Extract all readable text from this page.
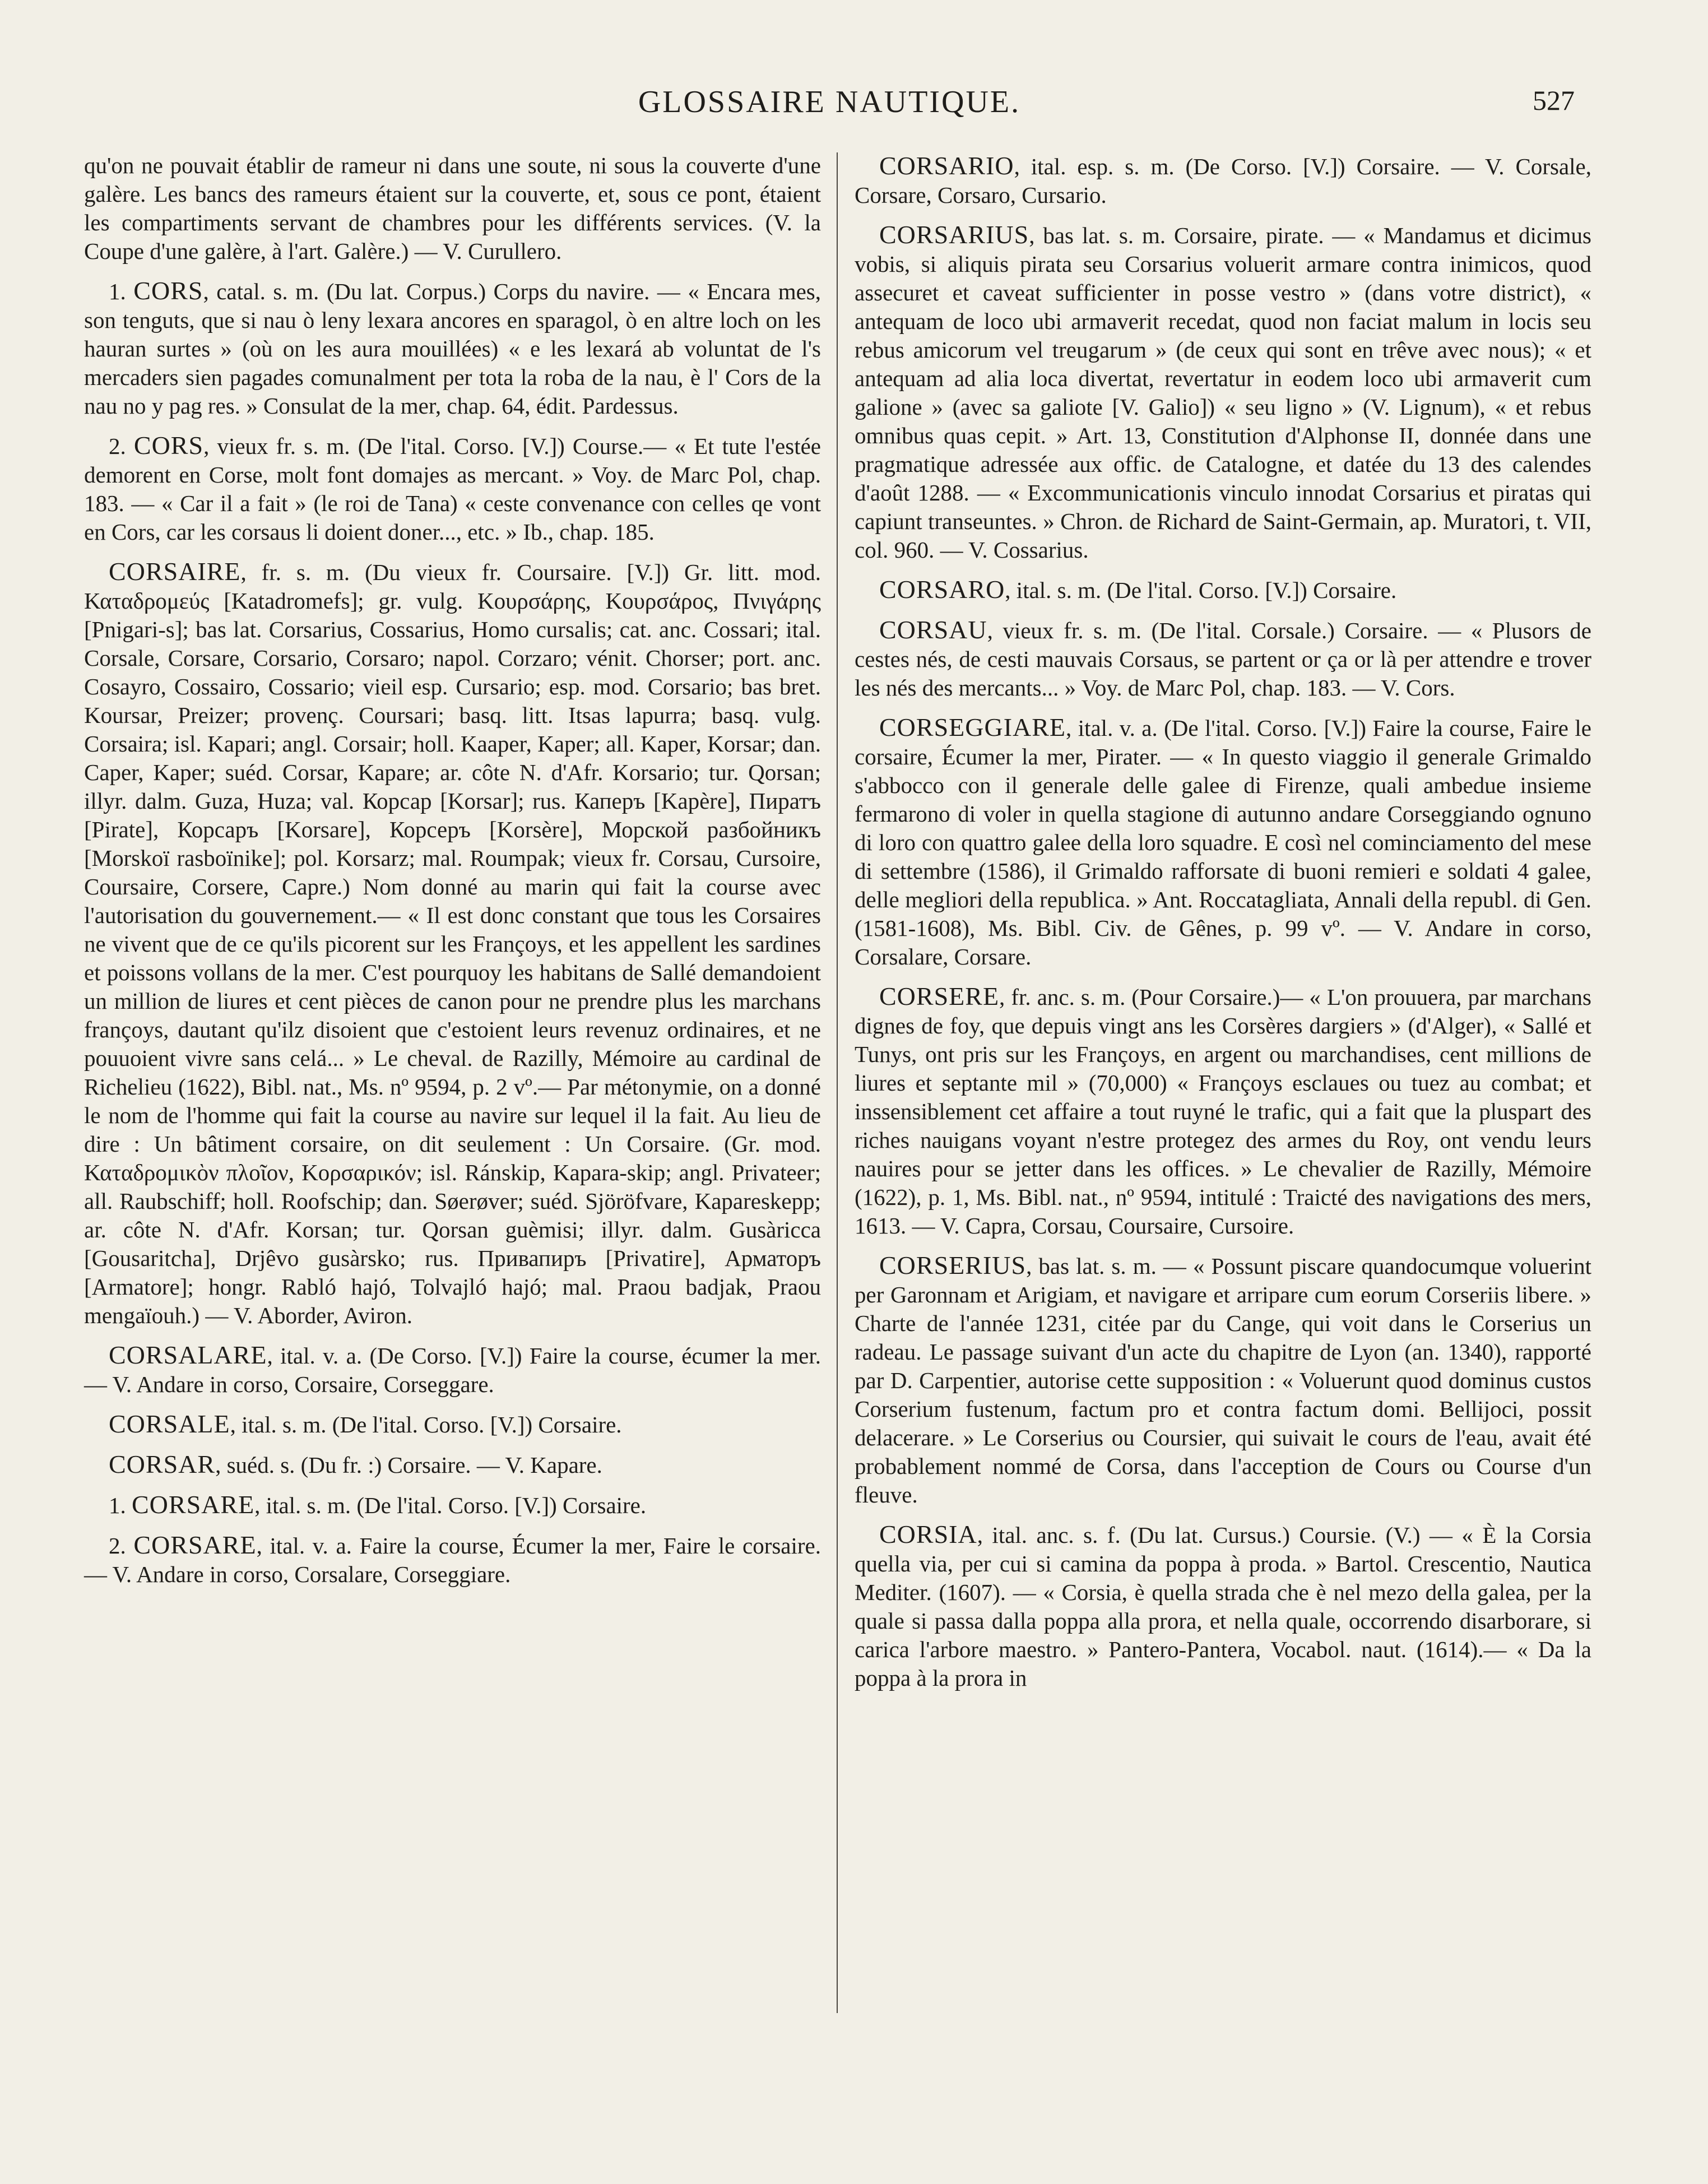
GLOSSAIRE NAUTIQUE.	527

qu'on ne pouvait établir de rameur ni dans une soute, ni sous la couverte d'une galère. Les bancs des rameurs étaient sur la couverte, et, sous ce pont, étaient les compartiments servant de chambres pour les différents services. (V. la Coupe d'une galère, à l'art. Galère.) — V. Curullero.

1. CORS, catal. s. m. (Du lat. Corpus.) Corps du navire. — « Encara mes, son tenguts, que si nau ò leny lexara ancores en sparagol, ò en altre loch on les hauran surtes » (où on les aura mouillées) « e les lexará ab voluntat de l's mercaders sien pagades comunalment per tota la roba de la nau, è l' Cors de la nau no y pag res. » Consulat de la mer, chap. 64, édit. Pardessus.

2. CORS, vieux fr. s. m. (De l'ital. Corso. [V.]) Course.— « Et tute l'estée demorent en Corse, molt font domajes as mercant. » Voy. de Marc Pol, chap. 183. — « Car il a fait » (le roi de Tana) « ceste convenance con celles qe vont en Cors, car les corsaus li doient doner..., etc. » Ib., chap. 185.

CORSAIRE, fr. s. m. (Du vieux fr. Coursaire. [V.]) Gr. litt. mod. Καταδρομεύς [Katadromefs]; gr. vulg. Κουρσάρης, Κουρσάρος, Πνιγάρης [Pnigari-s]; bas lat. Corsarius, Cossarius, Homo cursalis; cat. anc. Cossari; ital. Corsale, Corsare, Corsario, Corsaro; napol. Corzaro; vénit. Chorser; port. anc. Cosayro, Cossairo, Cossario; vieil esp. Cursario; esp. mod. Corsario; bas bret. Koursar, Preizer; provenç. Coursari; basq. litt. Itsas lapurra; basq. vulg. Corsaira; isl. Kapari; angl. Corsair; holl. Kaaper, Kaper; all. Kaper, Korsar; dan. Caper, Kaper; suéd. Corsar, Kapare; ar. côte N. d'Afr. Korsario; tur. Qorsan; illyr. dalm. Guza, Huza; val. Корсар [Korsar]; rus. Каперъ [Kapère], Пиратъ [Pirate], Корсаръ [Korsare], Корсеръ [Korsère], Морской разбойникъ [Morskoï rasboïnike]; pol. Korsarz; mal. Roumpak; vieux fr. Corsau, Cursoire, Coursaire, Corsere, Capre.) Nom donné au marin qui fait la course avec l'autorisation du gouvernement.— « Il est donc constant que tous les Corsaires ne vivent que de ce qu'ils picorent sur les Françoys, et les appellent les sardines et poissons vollans de la mer. C'est pourquoy les habitans de Sallé demandoient un million de liures et cent pièces de canon pour ne prendre plus les marchans françoys, dautant qu'ilz disoient que c'estoient leurs revenuz ordinaires, et ne pouuoient vivre sans celá... » Le cheval. de Razilly, Mémoire au cardinal de Richelieu (1622), Bibl. nat., Ms. nº 9594, p. 2 vº.— Par métonymie, on a donné le nom de l'homme qui fait la course au navire sur lequel il la fait. Au lieu de dire : Un bâtiment corsaire, on dit seulement : Un Corsaire. (Gr. mod. Καταδρομικὸν πλοῖον, Κορσαρικόν; isl. Ránskip, Kapara-skip; angl. Privateer; all. Raubschiff; holl. Roofschip; dan. Søerøver; suéd. Sjöröfvare, Kapareskepp; ar. côte N. d'Afr. Korsan; tur. Qorsan guèmisi; illyr. dalm. Gusàricca [Gousaritcha], Drjêvo gusàrsko; rus. Привапиръ [Privatire], Арматоръ [Armatore]; hongr. Rabló hajó, Tolvajló hajó; mal. Praou badjak, Praou mengaïouh.) — V. Aborder, Aviron.

CORSALARE, ital. v. a. (De Corso. [V.]) Faire la course, écumer la mer. — V. Andare in corso, Corsaire, Corseggare.

CORSALE, ital. s. m. (De l'ital. Corso. [V.]) Corsaire.

CORSAR, suéd. s. (Du fr. :) Corsaire. — V. Kapare.

1. CORSARE, ital. s. m. (De l'ital. Corso. [V.]) Corsaire.

2. CORSARE, ital. v. a. Faire la course, Écumer la mer, Faire le corsaire. — V. Andare in corso, Corsalare, Corseggiare.

CORSARIO, ital. esp. s. m. (De Corso. [V.]) Corsaire. — V. Corsale, Corsare, Corsaro, Cursario.

CORSARIUS, bas lat. s. m. Corsaire, pirate. — « Mandamus et dicimus vobis, si aliquis pirata seu Corsarius voluerit armare contra inimicos, quod assecuret et caveat sufficienter in posse vestro » (dans votre district), « antequam de loco ubi armaverit recedat, quod non faciat malum in locis seu rebus amicorum vel treugarum » (de ceux qui sont en trêve avec nous); « et antequam ad alia loca divertat, revertatur in eodem loco ubi armaverit cum galione » (avec sa galiote [V. Galio]) « seu ligno » (V. Lignum), « et rebus omnibus quas cepit. » Art. 13, Constitution d'Alphonse II, donnée dans une pragmatique adressée aux offic. de Catalogne, et datée du 13 des calendes d'août 1288. — « Excommunicationis vinculo innodat Corsarius et piratas qui capiunt transeuntes. » Chron. de Richard de Saint-Germain, ap. Muratori, t. VII, col. 960. — V. Cossarius.

CORSARO, ital. s. m. (De l'ital. Corso. [V.]) Corsaire.

CORSAU, vieux fr. s. m. (De l'ital. Corsale.) Corsaire. — « Plusors de cestes nés, de cesti mauvais Corsaus, se partent or ça or là per attendre e trover les nés des mercants... » Voy. de Marc Pol, chap. 183. — V. Cors.

CORSEGGIARE, ital. v. a. (De l'ital. Corso. [V.]) Faire la course, Faire le corsaire, Écumer la mer, Pirater. — « In questo viaggio il generale Grimaldo s'abbocco con il generale delle galee di Firenze, quali ambedue insieme fermarono di voler in quella stagione di autunno andare Corseggiando ognuno di loro con quattro galee della loro squadre. E così nel cominciamento del mese di settembre (1586), il Grimaldo rafforsate di buoni remieri e soldati 4 galee, delle megliori della republica. » Ant. Roccatagliata, Annali della republ. di Gen. (1581-1608), Ms. Bibl. Civ. de Gênes, p. 99 vº. — V. Andare in corso, Corsalare, Corsare.

CORSERE, fr. anc. s. m. (Pour Corsaire.)— « L'on prouuera, par marchans dignes de foy, que depuis vingt ans les Corsères dargiers » (d'Alger), « Sallé et Tunys, ont pris sur les Françoys, en argent ou marchandises, cent millions de liures et septante mil » (70,000) « Françoys esclaues ou tuez au combat; et inssensiblement cet affaire a tout ruyné le trafic, qui a fait que la pluspart des riches nauigans voyant n'estre protegez des armes du Roy, ont vendu leurs nauires pour se jetter dans les offices. » Le chevalier de Razilly, Mémoire (1622), p. 1, Ms. Bibl. nat., nº 9594, intitulé : Traicté des navigations des mers, 1613. — V. Capra, Corsau, Coursaire, Cursoire.

CORSERIUS, bas lat. s. m. — « Possunt piscare quandocumque voluerint per Garonnam et Arigiam, et navigare et arripare cum eorum Corseriis libere. » Charte de l'année 1231, citée par du Cange, qui voit dans le Corserius un radeau. Le passage suivant d'un acte du chapitre de Lyon (an. 1340), rapporté par D. Carpentier, autorise cette supposition : « Voluerunt quod dominus custos Corserium fustenum, factum pro et contra factum domi. Bellijoci, possit delacerare. » Le Corserius ou Coursier, qui suivait le cours de l'eau, avait été probablement nommé de Corsa, dans l'acception de Cours ou Course d'un fleuve.

CORSIA, ital. anc. s. f. (Du lat. Cursus.) Coursie. (V.) — « È la Corsia quella via, per cui si camina da poppa à proda. » Bartol. Crescentio, Nautica Mediter. (1607). — « Corsia, è quella strada che è nel mezo della galea, per la quale si passa dalla poppa alla prora, et nella quale, occorrendo disarborare, si carica l'arbore maestro. » Pantero-Pantera, Vocabol. naut. (1614).— « Da la poppa à la prora in
